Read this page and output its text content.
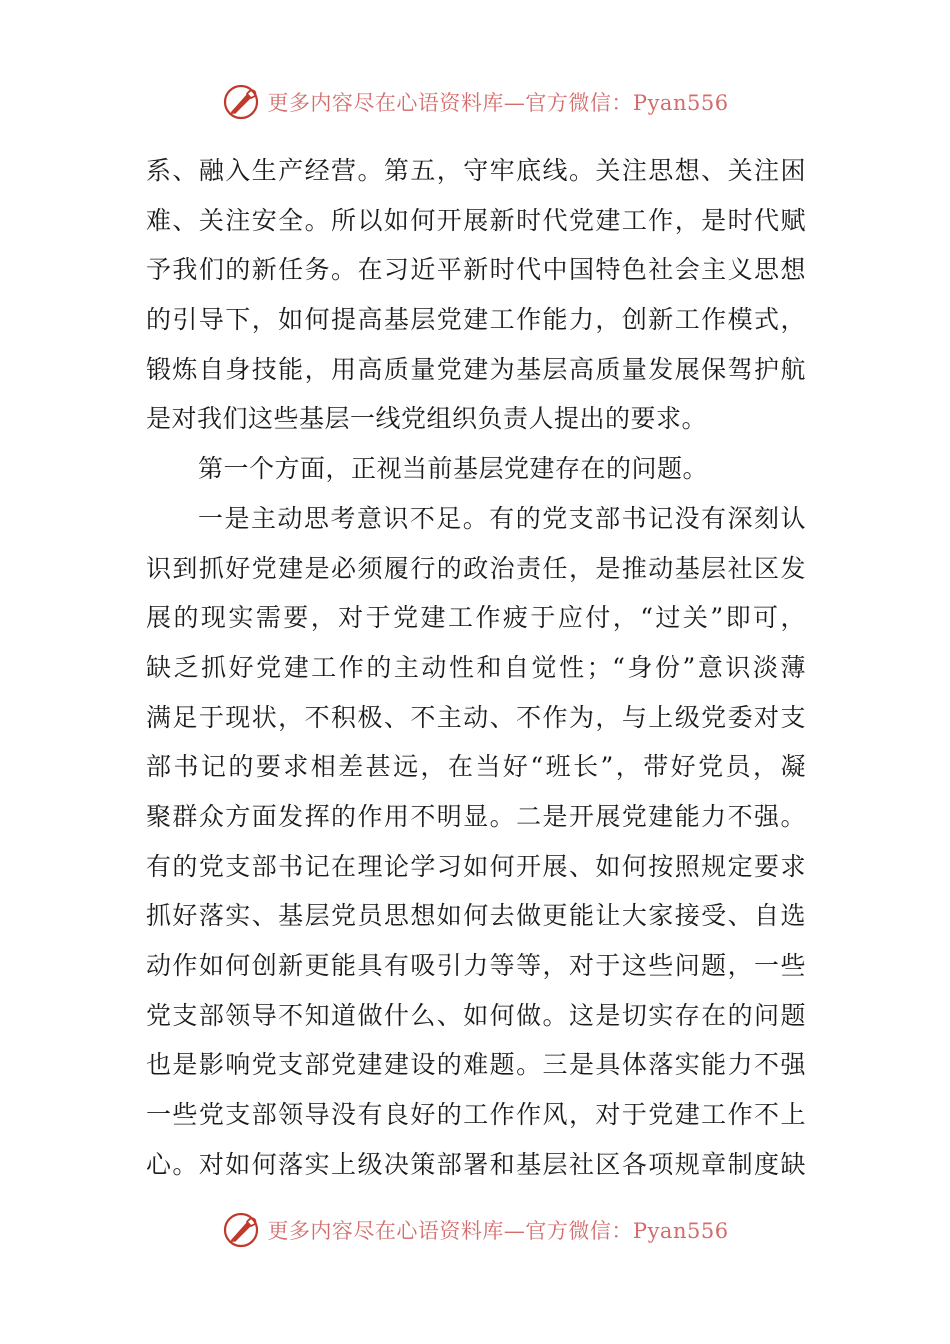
更多内容尽在心语资料库—官方微信：Pyan556
系、融入生产经营。第五，守牢底线。关注思想、关注困
难、关注安全。所以如何开展新时代党建工作，是时代赋
予我们的新任务。在习近平新时代中国特色社会主义思想
的引导下，如何提高基层党建工作能力，创新工作模式，
锻炼自身技能，用高质量党建为基层高质量发展保驾护航
是对我们这些基层一线党组织负责人提出的要求。
第一个方面，正视当前基层党建存在的问题。
一是主动思考意识不足。有的党支部书记没有深刻认
识到抓好党建是必须履行的政治责任，是推动基层社区发
展的现实需要，对于党建工作疲于应付，“过关”即可，
缺乏抓好党建工作的主动性和自觉性；“身份”意识淡薄
满足于现状，不积极、不主动、不作为，与上级党委对支
部书记的要求相差甚远，在当好“班长”，带好党员，凝
聚群众方面发挥的作用不明显。二是开展党建能力不强。
有的党支部书记在理论学习如何开展、如何按照规定要求
抓好落实、基层党员思想如何去做更能让大家接受、自选
动作如何创新更能具有吸引力等等，对于这些问题，一些
党支部领导不知道做什么、如何做。这是切实存在的问题
也是影响党支部党建建设的难题。三是具体落实能力不强
一些党支部领导没有良好的工作作风，对于党建工作不上
心。对如何落实上级决策部署和基层社区各项规章制度缺
更多内容尽在心语资料库—官方微信：Pyan556
